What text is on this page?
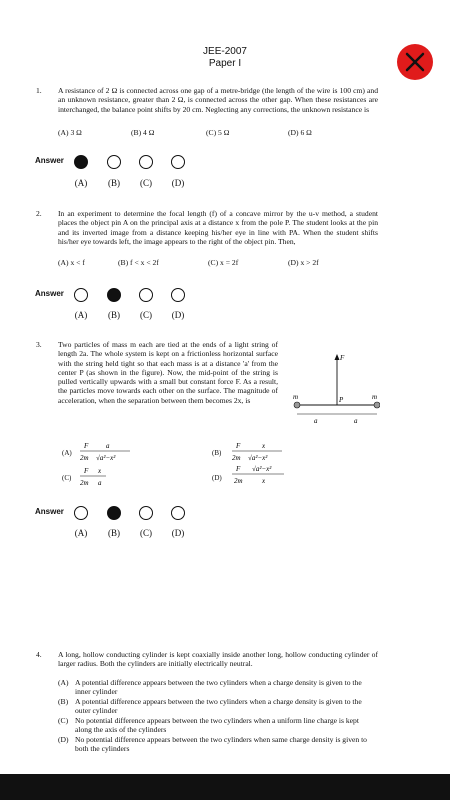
JEE-2007
Paper I
1. A resistance of 2 Ω is connected across one gap of a metre-bridge (the length of the wire is 100 cm) and an unknown resistance, greater than 2 Ω, is connected across the other gap. When these resistances are interchanged, the balance point shifts by 20 cm. Neglecting any corrections, the unknown resistance is
(A) 3 Ω	(B) 4 Ω	(C) 5 Ω	(D) 6 Ω
Answer
(A)	(B)	(C)	(D)
2. In an experiment to determine the focal length (f) of a concave mirror by the u-v method, a student places the object pin A on the principal axis at a distance x from the pole P. The student looks at the pin and its inverted image from a distance keeping his/her eye in line with PA. When the student shifts his/her eye towards left, the image appears to the right of the object pin. Then,
(A) x < f	(B) f < x < 2f	(C) x = 2f	(D) x > 2f
Answer
(A)	(B)	(C)	(D)
3. Two particles of mass m each are tied at the ends of a light string of length 2a. The whole system is kept on a frictionless horizontal surface with the string held tight so that each mass is at a distance 'a' from the center P (as shown in the figure). Now, the mid-point of the string is pulled vertically upwards with a small but constant force F. As a result, the particles move towards each other on the surface. The magnitude of acceleration, when the separation between them becomes 2x, is
F
m	m
P
a	a
(A)
F	a
2m √a²−x²
(B)
F	x
2m √a²−x²
(C)
F x
2m a
(D)
F √a²−x²
2m	x
Answer
(A)	(B)	(C)	(D)
4. A long, hollow conducting cylinder is kept coaxially inside another long, hollow conducting cylinder of larger radius. Both the cylinders are initially electrically neutral.
(A) A potential difference appears between the two cylinders when a charge density is given to the inner cylinder
(B) A potential difference appears between the two cylinders when a charge density is given to the outer cylinder
(C) No potential difference appears between the two cylinders when a uniform line charge is kept along the axis of the cylinders
(D) No potential difference appears between the two cylinders when same charge density is given to both the cylinders
